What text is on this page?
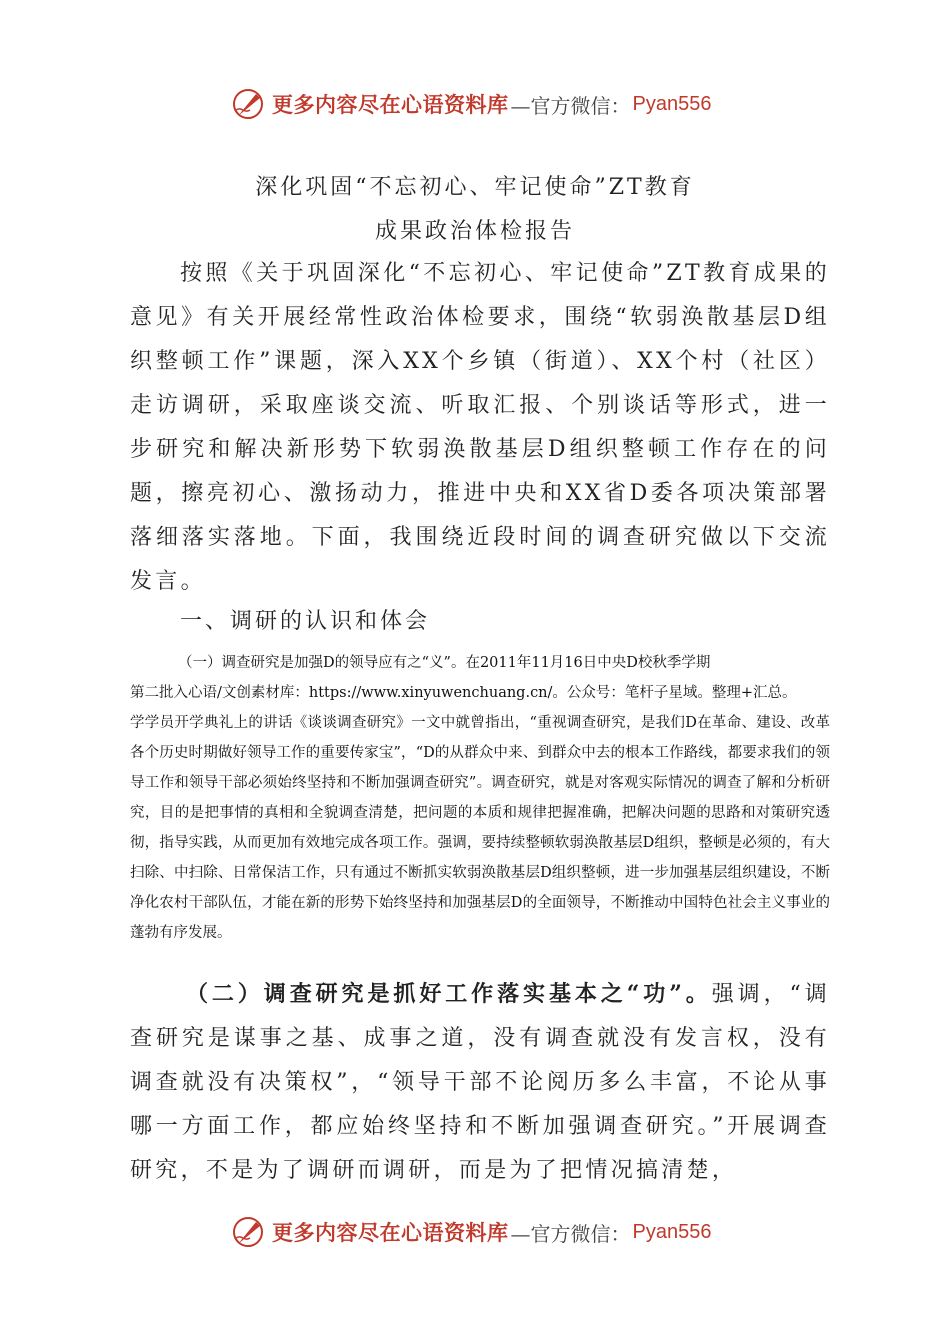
更多内容尽在心语资料库 —官方微信： Pyan556
深化巩固“不忘初心、牢记使命”ZT教育
成果政治体检报告

按照《关于巩固深化“不忘初心、牢记使命”ZT教育成果的意见》有关开展经常性政治体检要求，围绕“软弱涣散基层D组织整顿工作”课题，深入XX个乡镇（街道）、XX个村（社区）走访调研，采取座谈交流、听取汇报、个别谈话等形式，进一步研究和解决新形势下软弱涣散基层D组织整顿工作存在的问题，擦亮初心、激扬动力，推进中央和XX省D委各项决策部署落细落实落地。下面，我围绕近段时间的调查研究做以下交流发言。

一、调研的认识和体会

（一）调查研究是加强D的领导应有之“义”。在2011年11月16日中央D校秋季学期
第二批入心语/文创素材库：https://www.xinyuwenchuang.cn/。公众号：笔杆子星域。整理+汇总。
学学员开学典礼上的讲话《谈谈调查研究》一文中就曾指出，“重视调查研究，是我们D在革命、建设、改革各个历史时期做好领导工作的重要传家宝”，“D的从群众中来、到群众中去的根本工作路线，都要求我们的领导工作和领导干部必须始终坚持和不断加强调查研究”。调查研究，就是对客观实际情况的调查了解和分析研究，目的是把事情的真相和全貌调查清楚，把问题的本质和规律把握准确，把解决问题的思路和对策研究透彻，指导实践，从而更加有效地完成各项工作。强调，要持续整顿软弱涣散基层D组织，整顿是必须的，有大扫除、中扫除、日常保洁工作，只有通过不断抓实软弱涣散基层D组织整顿，进一步加强基层组织建设，不断净化农村干部队伍，才能在新的形势下始终坚持和加强基层D的全面领导，不断推动中国特色社会主义事业的蓬勃有序发展。

（二）调查研究是抓好工作落实基本之“功”。强调，“调查研究是谋事之基、成事之道，没有调查就没有发言权，没有调查就没有决策权”，“领导干部不论阅历多么丰富，不论从事哪一方面工作，都应始终坚持和不断加强调查研究。”开展调查研究，不是为了调研而调研，而是为了把情况搞清楚，

更多内容尽在心语资料库 —官方微信： Pyan556
